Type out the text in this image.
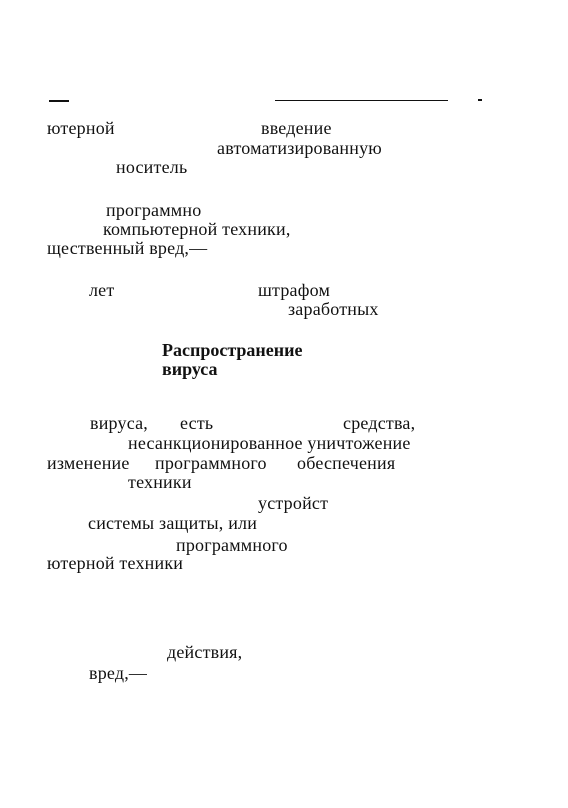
ютерной	введение
автоматизированную
носитель
программно
компьютерной техники,
щественный вред,—
лет	штрафом
заработных
Распространение
вируса
вируса, есть	средства,
несанкционированное уничтожение
изменение программного обеспечения
техники
устройст
системы защиты, или
программного
ютерной техники
действия,
вред,—
